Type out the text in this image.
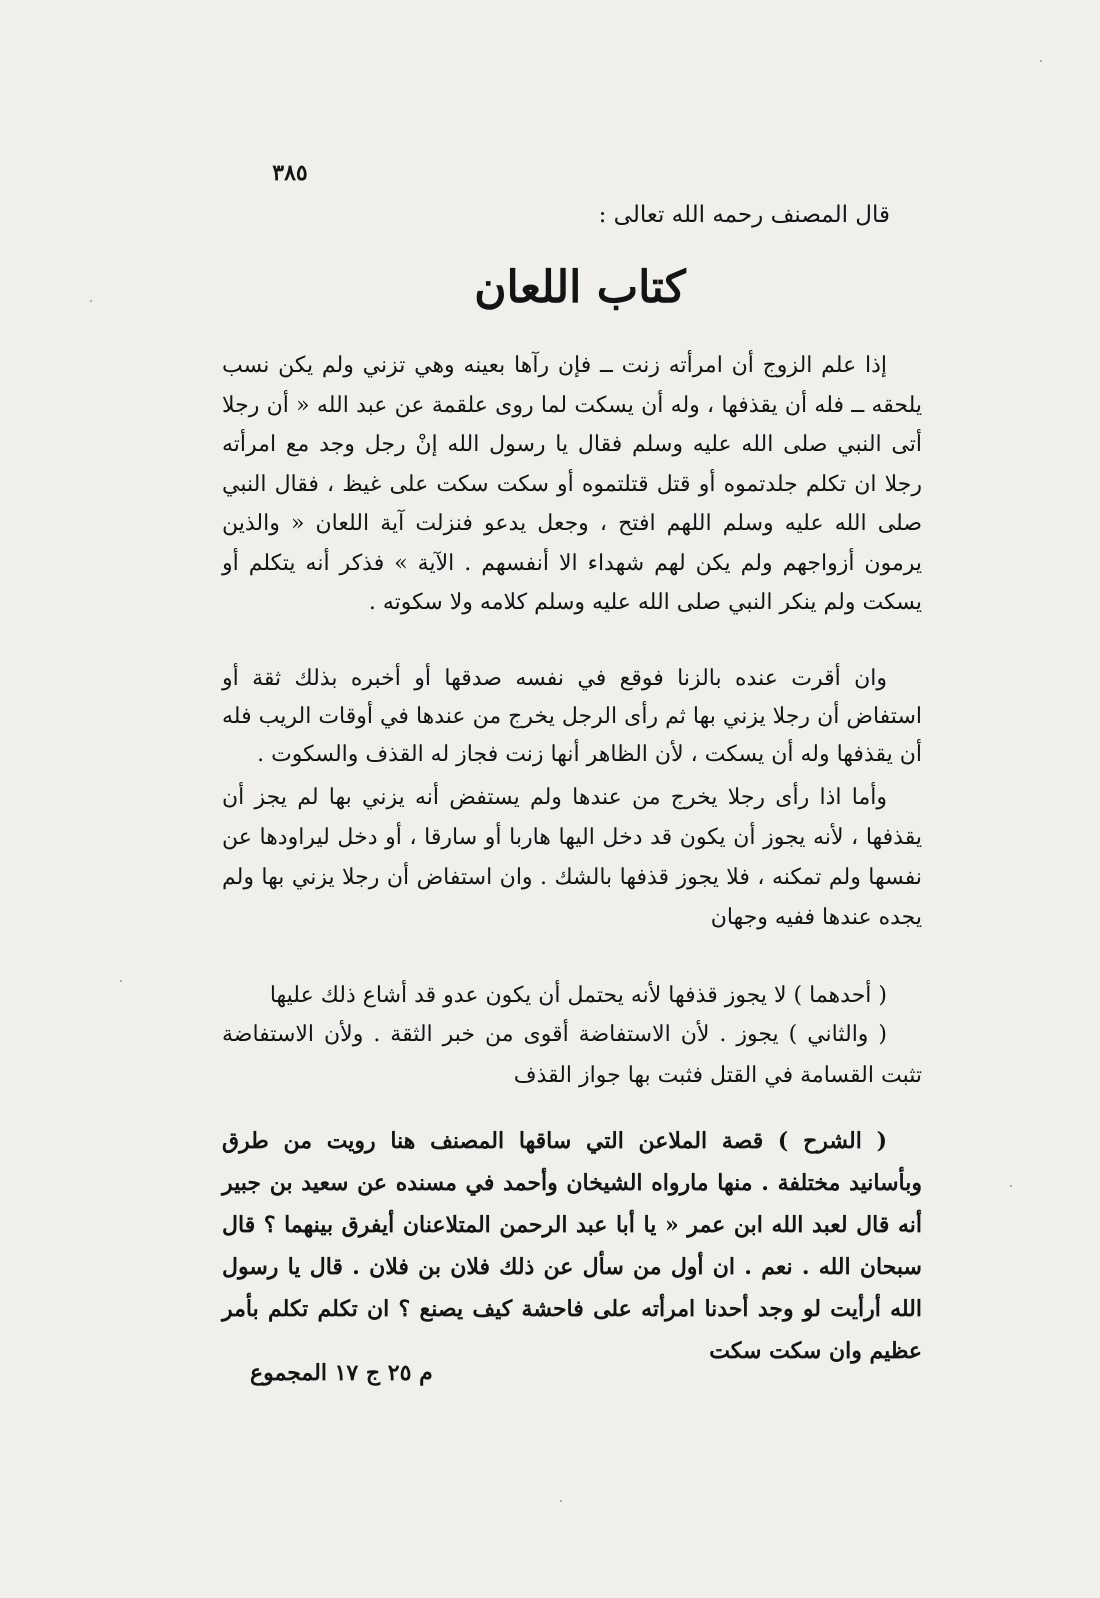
٣٨٥
قال المصنف رحمه الله تعالى :
كتاب اللعان

إذا علم الزوج أن امرأته زنت ــ فإن رآها بعينه وهي تزني ولم يكن نسب يلحقه ــ فله أن يقذفها ، وله أن يسكت لما روى علقمة عن عبد الله « أن رجلا أتى النبي صلى الله عليه وسلم فقال يا رسول الله إنْ رجل وجد مع امرأته رجلا ان تكلم جلدتموه أو قتل قتلتموه أو سكت سكت على غيظ ، فقال النبي صلى الله عليه وسلم اللهم افتح ، وجعل يدعو فنزلت آية اللعان « والذين يرمون أزواجهم ولم يكن لهم شهداء الا أنفسهم . الآية » فذكر أنه يتكلم أو يسكت ولم ينكر النبي صلى الله عليه وسلم كلامه ولا سكوته .

وان أقرت عنده بالزنا فوقع في نفسه صدقها أو أخبره بذلك ثقة أو استفاض أن رجلا يزني بها ثم رأى الرجل يخرج من عندها في أوقات الريب فله أن يقذفها وله أن يسكت ، لأن الظاهر أنها زنت فجاز له القذف والسكوت .

وأما اذا رأى رجلا يخرج من عندها ولم يستفض أنه يزني بها لم يجز أن يقذفها ، لأنه يجوز أن يكون قد دخل اليها هاربا أو سارقا ، أو دخل ليراودها عن نفسها ولم تمكنه ، فلا يجوز قذفها بالشك . وان استفاض أن رجلا يزني بها ولم يجده عندها ففيه وجهان

( أحدهما ) لا يجوز قذفها لأنه يحتمل أن يكون عدو قد أشاع ذلك عليها

( والثاني ) يجوز . لأن الاستفاضة أقوى من خبر الثقة . ولأن الاستفاضة تثبت القسامة في القتل فثبت بها جواز القذف

( الشرح ) قصة الملاعن التي ساقها المصنف هنا رويت من طرق وبأسانيد مختلفة . منها مارواه الشيخان وأحمد في مسنده عن سعيد بن جبير أنه قال لعبد الله ابن عمر « يا أبا عبد الرحمن المتلاعنان أيفرق بينهما ؟ قال سبحان الله . نعم . ان أول من سأل عن ذلك فلان بن فلان . قال يا رسول الله أرأيت لو وجد أحدنا امرأته على فاحشة كيف يصنع ؟ ان تكلم تكلم بأمر عظيم وان سكت سكت

م ٢٥ ج ١٧ المجموع
